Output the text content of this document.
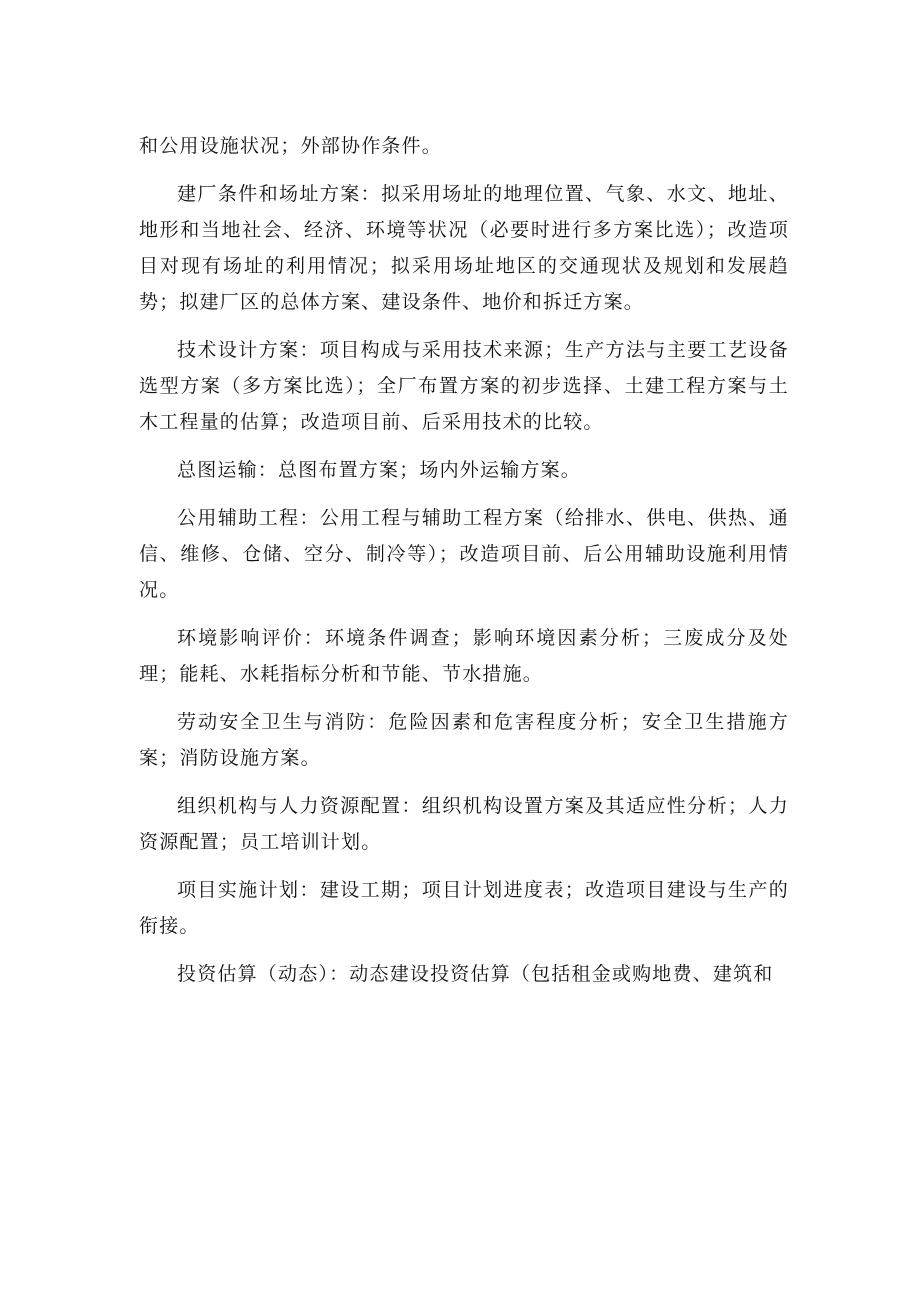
和公用设施状况；外部协作条件。

建厂条件和场址方案：拟采用场址的地理位置、气象、水文、地址、地形和当地社会、经济、环境等状况（必要时进行多方案比选）；改造项目对现有场址的利用情况；拟采用场址地区的交通现状及规划和发展趋势；拟建厂区的总体方案、建设条件、地价和拆迁方案。

技术设计方案：项目构成与采用技术来源；生产方法与主要工艺设备选型方案（多方案比选）；全厂布置方案的初步选择、土建工程方案与土木工程量的估算；改造项目前、后采用技术的比较。

总图运输：总图布置方案；场内外运输方案。

公用辅助工程：公用工程与辅助工程方案（给排水、供电、供热、通信、维修、仓储、空分、制冷等）；改造项目前、后公用辅助设施利用情况。

环境影响评价：环境条件调查；影响环境因素分析；三废成分及处理；能耗、水耗指标分析和节能、节水措施。

劳动安全卫生与消防：危险因素和危害程度分析；安全卫生措施方案；消防设施方案。

组织机构与人力资源配置：组织机构设置方案及其适应性分析；人力资源配置；员工培训计划。

项目实施计划：建设工期；项目计划进度表；改造项目建设与生产的衔接。

投资估算（动态）：动态建设投资估算（包括租金或购地费、建筑和
